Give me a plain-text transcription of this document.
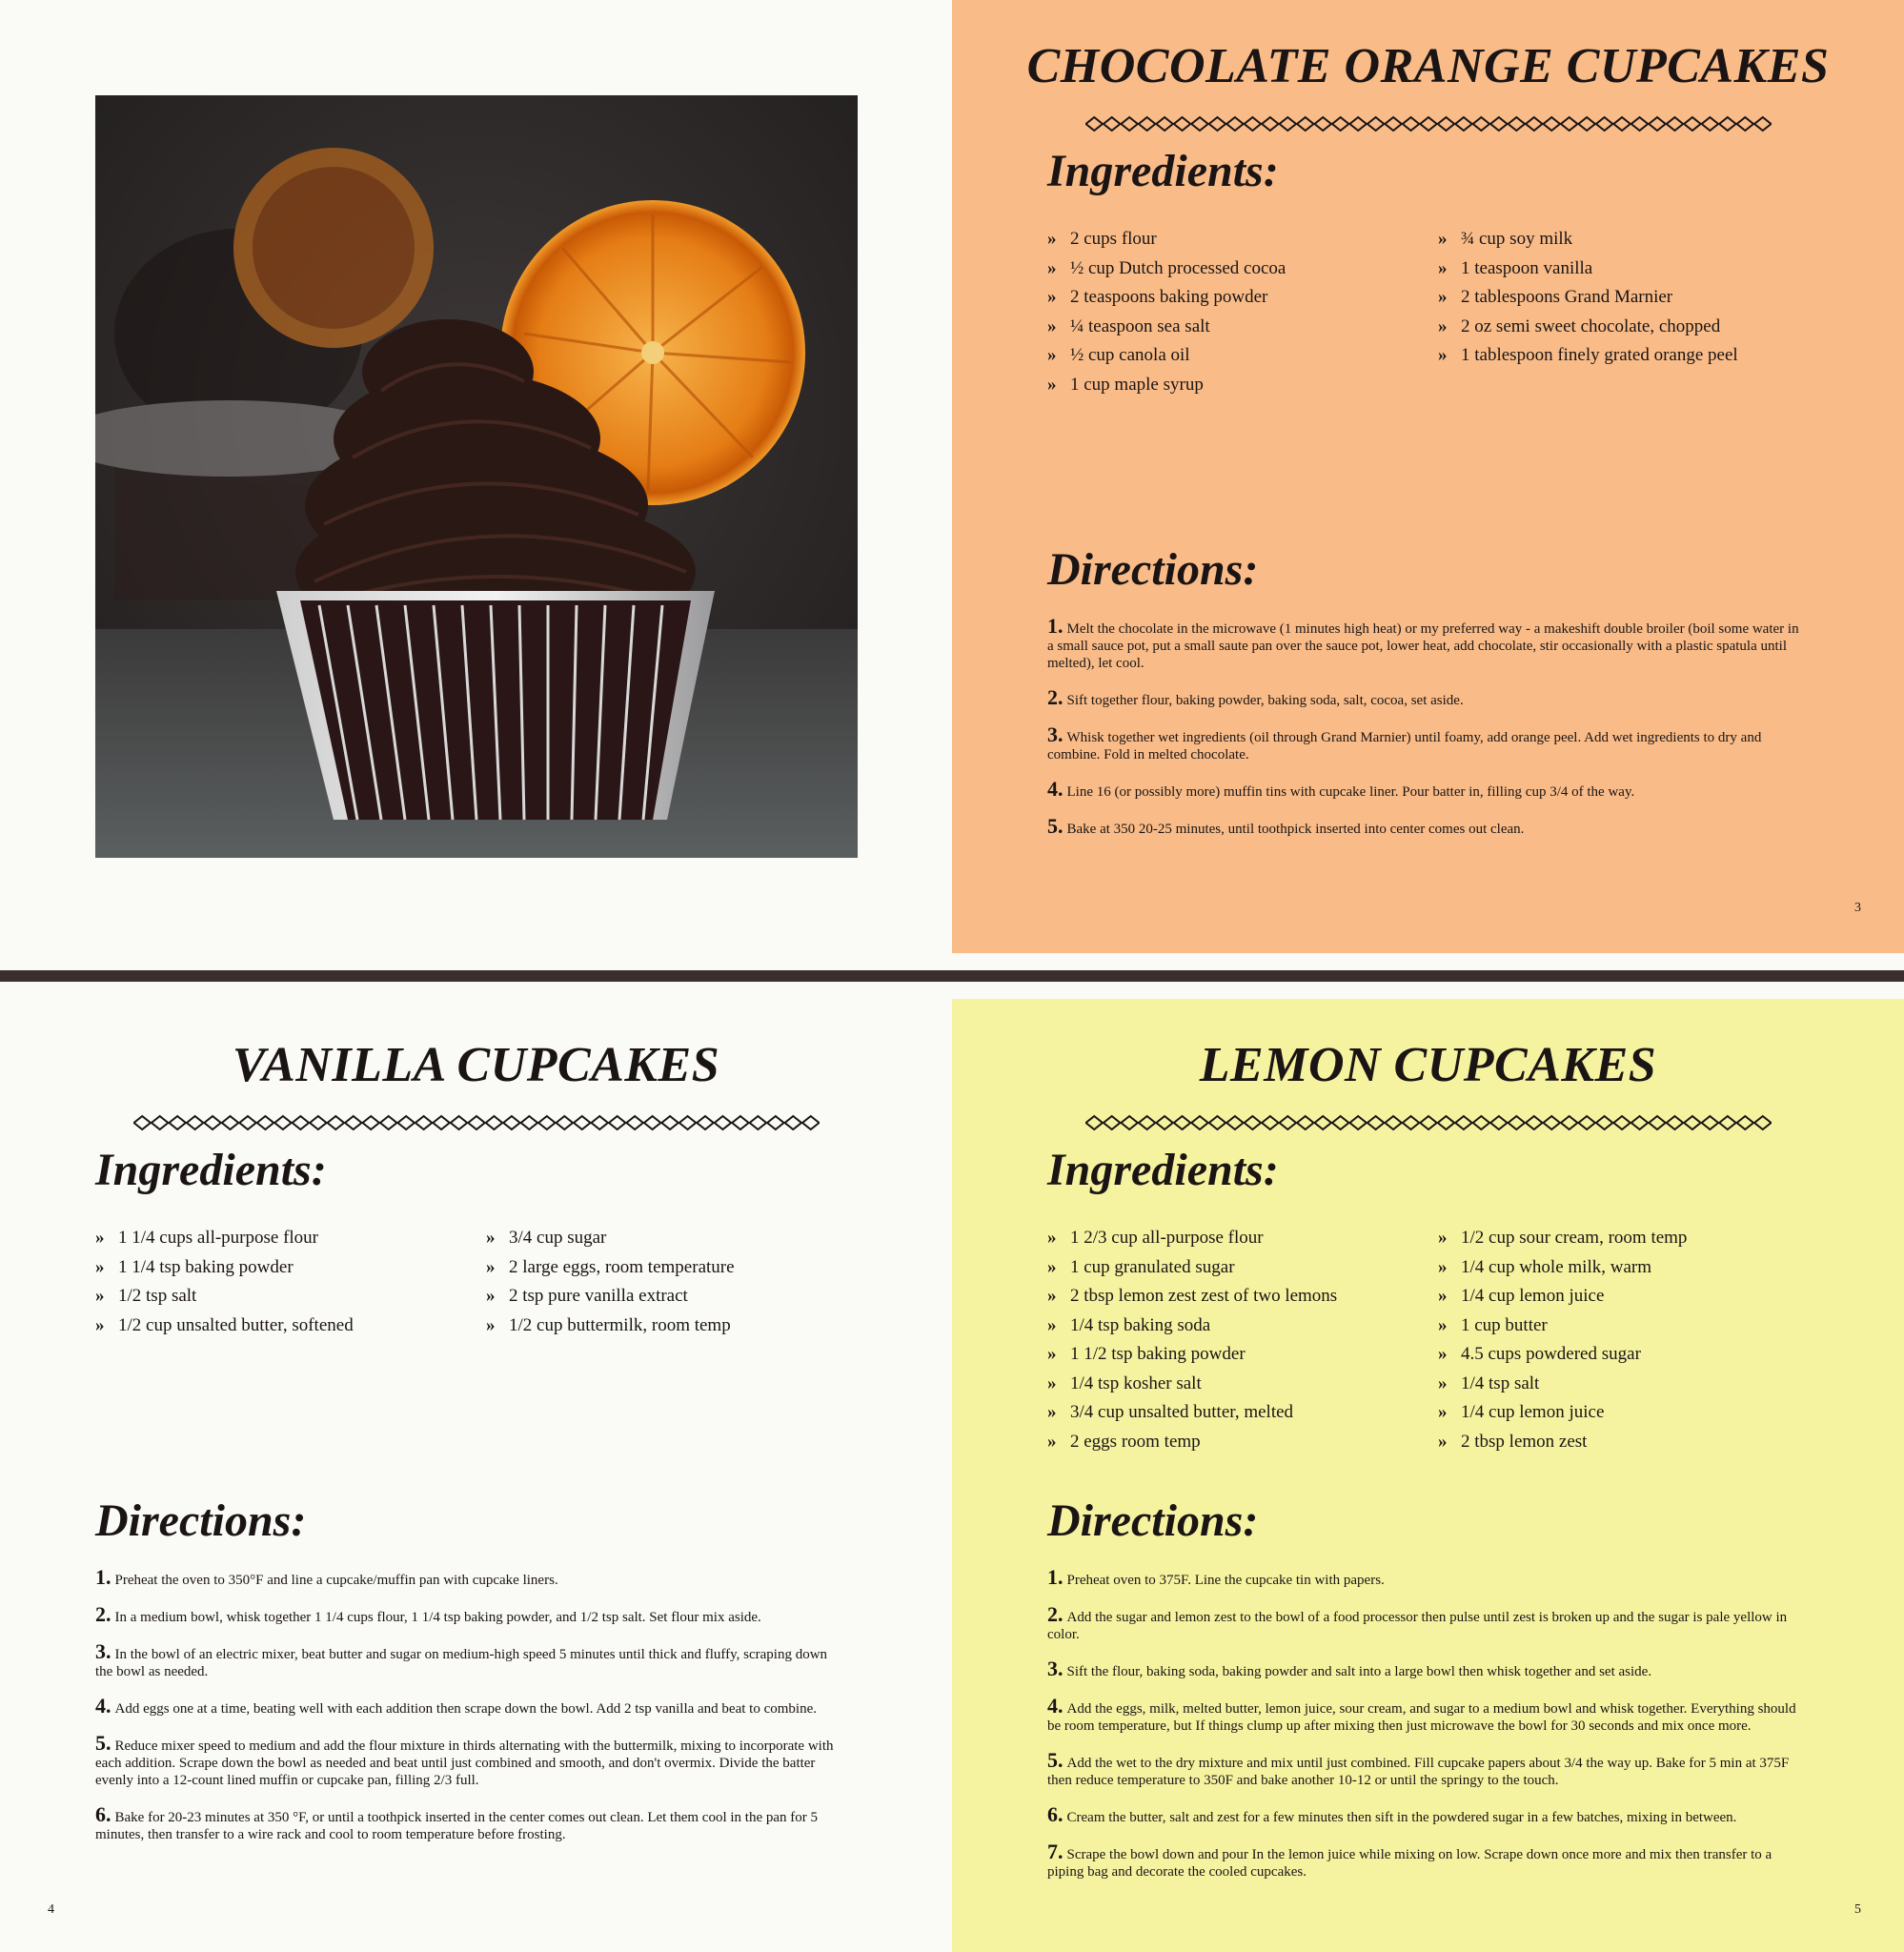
CHOCOLATE ORANGE CUPCAKES
Ingredients:
» 2 cups flour
» ½ cup Dutch processed cocoa
» 2 teaspoons baking powder
» ¼ teaspoon sea salt
» ½ cup canola oil
» 1 cup maple syrup
» ¾ cup soy milk
» 1 teaspoon vanilla
» 2 tablespoons Grand Marnier
» 2 oz semi sweet chocolate, chopped
» 1 tablespoon finely grated orange peel
Directions:
1. Melt the chocolate in the microwave (1 minutes high heat) or my preferred way - a makeshift double broiler (boil some water in a small sauce pot, put a small saute pan over the sauce pot, lower heat, add chocolate, stir occasionally with a plastic spatula until melted), let cool.
2. Sift together flour, baking powder, baking soda, salt, cocoa, set aside.
3. Whisk together wet ingredients (oil through Grand Marnier) until foamy, add orange peel. Add wet ingredients to dry and combine. Fold in melted chocolate.
4. Line 16 (or possibly more) muffin tins with cupcake liner. Pour batter in, filling cup 3/4 of the way.
5. Bake at 350 20-25 minutes, until toothpick inserted into center comes out clean.
3
VANILLA CUPCAKES
Ingredients:
» 1 1/4 cups all-purpose flour
» 1 1/4 tsp baking powder
» 1/2 tsp salt
» 1/2 cup unsalted butter, softened
» 3/4 cup sugar
» 2 large eggs, room temperature
» 2 tsp pure vanilla extract
» 1/2 cup buttermilk, room temp
Directions:
1. Preheat the oven to 350°F and line a cupcake/muffin pan with cupcake liners.
2. In a medium bowl, whisk together 1 1/4 cups flour, 1 1/4 tsp baking powder, and 1/2 tsp salt. Set flour mix aside.
3. In the bowl of an electric mixer, beat butter and sugar on medium-high speed 5 minutes until thick and fluffy, scraping down the bowl as needed.
4. Add eggs one at a time, beating well with each addition then scrape down the bowl. Add 2 tsp vanilla and beat to combine.
5. Reduce mixer speed to medium and add the flour mixture in thirds alternating with the buttermilk, mixing to incorporate with each addition. Scrape down the bowl as needed and beat until just combined and smooth, and don't overmix. Divide the batter evenly into a 12-count lined muffin or cupcake pan, filling 2/3 full.
6. Bake for 20-23 minutes at 350 °F, or until a toothpick inserted in the center comes out clean. Let them cool in the pan for 5 minutes, then transfer to a wire rack and cool to room temperature before frosting.
4
LEMON CUPCAKES
Ingredients:
» 1 2/3 cup all-purpose flour
» 1 cup granulated sugar
» 2 tbsp lemon zest zest of two lemons
» 1/4 tsp baking soda
» 1 1/2 tsp baking powder
» 1/4 tsp kosher salt
» 3/4 cup unsalted butter, melted
» 2 eggs room temp
» 1/2 cup sour cream, room temp
» 1/4 cup whole milk, warm
» 1/4 cup lemon juice
» 1 cup butter
» 4.5 cups powdered sugar
» 1/4 tsp salt
» 1/4 cup lemon juice
» 2 tbsp lemon zest
Directions:
1. Preheat oven to 375F. Line the cupcake tin with papers.
2. Add the sugar and lemon zest to the bowl of a food processor then pulse until zest is broken up and the sugar is pale yellow in color.
3. Sift the flour, baking soda, baking powder and salt into a large bowl then whisk together and set aside.
4. Add the eggs, milk, melted butter, lemon juice, sour cream, and sugar to a medium bowl and whisk together. Everything should be room temperature, but If things clump up after mixing then just microwave the bowl for 30 seconds and mix once more.
5. Add the wet to the dry mixture and mix until just combined. Fill cupcake papers about 3/4 the way up. Bake for 5 min at 375F then reduce temperature to 350F and bake another 10-12 or until the springy to the touch.
6. Cream the butter, salt and zest for a few minutes then sift in the powdered sugar in a few batches, mixing in between.
7. Scrape the bowl down and pour In the lemon juice while mixing on low. Scrape down once more and mix then transfer to a piping bag and decorate the cooled cupcakes.
5
